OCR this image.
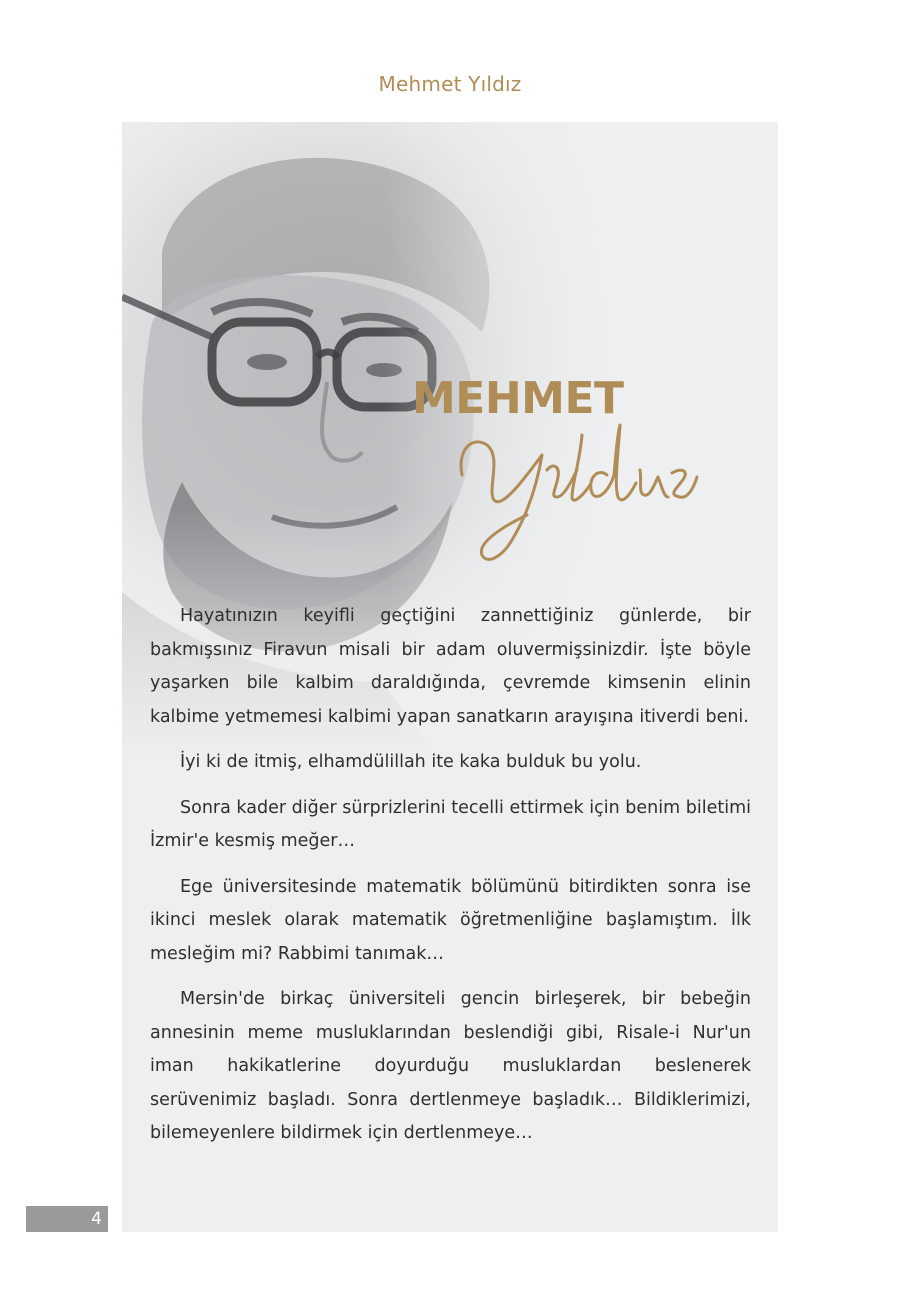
Mehmet Yıldız
MEHMET

Hayatınızın keyifli geçtiğini zannettiğiniz günlerde, bir bakmışsınız Firavun misali bir adam oluvermişsinizdir. İşte böyle yaşarken bile kalbim daraldığında, çevremde kimsenin elinin kalbime yetmemesi kalbimi yapan sanatkarın arayışına itiverdi beni.

İyi ki de itmiş, elhamdülillah ite kaka bulduk bu yolu.

Sonra kader diğer sürprizlerini tecelli ettirmek için benim biletimi İzmir'e kesmiş meğer…

Ege üniversitesinde matematik bölümünü bitirdikten sonra ise ikinci meslek olarak matematik öğretmenliğine başlamıştım. İlk mesleğim mi? Rabbimi tanımak…

Mersin'de birkaç üniversiteli gencin birleşerek, bir bebeğin annesinin meme musluklarından beslendiği gibi, Risale-i Nur'un iman hakikatlerine doyurduğu musluklardan beslenerek serüvenimiz başladı. Sonra dertlenmeye başladık… Bildiklerimizi, bilemeyenlere bildirmek için dertlenmeye…

4
